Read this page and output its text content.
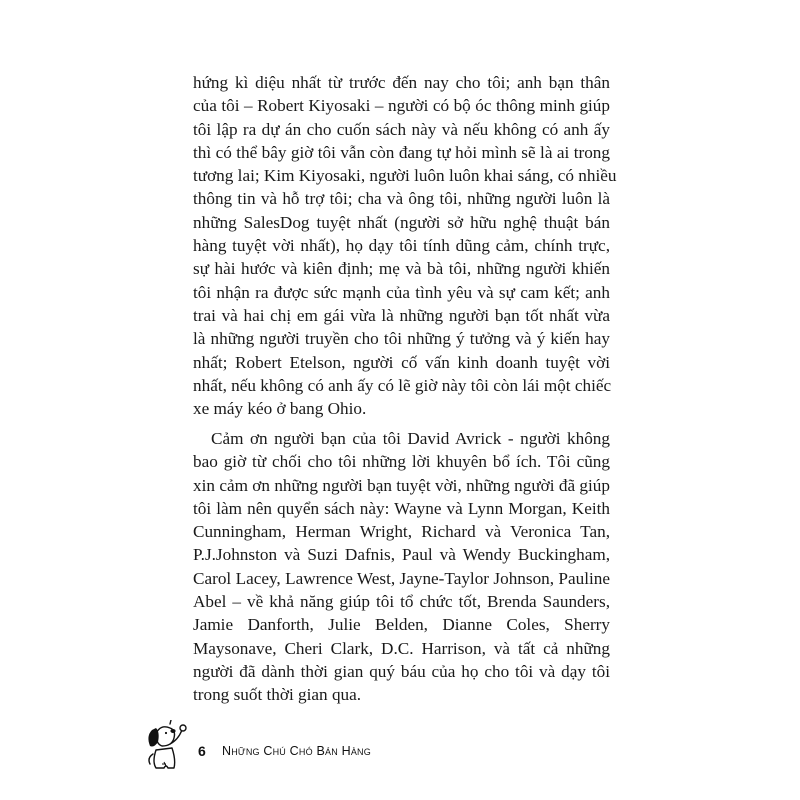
hứng kì diệu nhất từ trước đến nay cho tôi; anh bạn thân
của tôi – Robert Kiyosaki – người có bộ óc thông minh giúp
tôi lập ra dự án cho cuốn sách này và nếu không có anh ấy
thì có thể bây giờ tôi vẫn còn đang tự hỏi mình sẽ là ai trong
tương lai; Kim Kiyosaki, người luôn luôn khai sáng, có nhiều
thông tin và hỗ trợ tôi; cha và ông tôi, những người luôn là
những SalesDog tuyệt nhất (người sở hữu nghệ thuật bán
hàng tuyệt vời nhất), họ dạy tôi tính dũng cảm, chính trực,
sự hài hước và kiên định; mẹ và bà tôi, những người khiến
tôi nhận ra được sức mạnh của tình yêu và sự cam kết; anh
trai và hai chị em gái vừa là những người bạn tốt nhất vừa
là những người truyền cho tôi những ý tưởng và ý kiến hay
nhất; Robert Etelson, người cố vấn kinh doanh tuyệt vời
nhất, nếu không có anh ấy có lẽ giờ này tôi còn lái một chiếc
xe máy kéo ở bang Ohio.
Cảm ơn người bạn của tôi David Avrick - người không
bao giờ từ chối cho tôi những lời khuyên bổ ích. Tôi cũng
xin cảm ơn những người bạn tuyệt vời, những người đã giúp
tôi làm nên quyển sách này: Wayne và Lynn Morgan, Keith
Cunningham, Herman Wright, Richard và Veronica Tan,
P.J.Johnston và Suzi Dafnis, Paul và Wendy Buckingham,
Carol Lacey, Lawrence West, Jayne-Taylor Johnson, Pauline
Abel – về khả năng giúp tôi tổ chức tốt, Brenda Saunders,
Jamie Danforth, Julie Belden, Dianne Coles, Sherry
Maysonave, Cheri Clark, D.C. Harrison, và tất cả những
người đã dành thời gian quý báu của họ cho tôi và dạy tôi
trong suốt thời gian qua.
6 Những Chú Chó Bán Hàng
